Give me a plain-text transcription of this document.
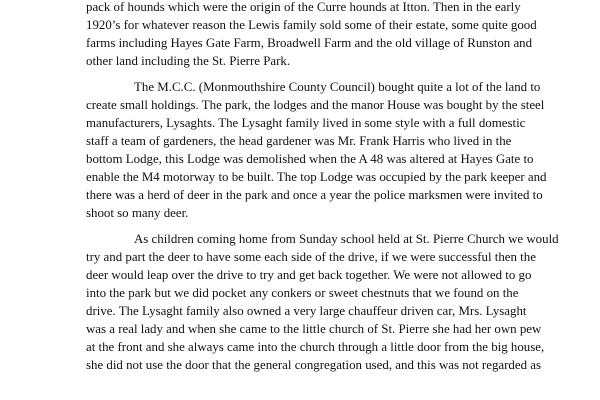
pack of hounds which were the origin of the Curre hounds at Itton. Then in the early
1920’s for whatever reason the Lewis family sold some of their estate, some quite good
farms including Hayes Gate Farm, Broadwell Farm and the old village of Runston and
other land including the St. Pierre Park.
The M.C.C. (Monmouthshire County Council) bought quite a lot of the land to
create small holdings. The park, the lodges and the manor House was bought by the steel
manufacturers, Lysaghts. The Lysaght family lived in some style with a full domestic
staff a team of gardeners, the head gardener was Mr. Frank Harris who lived in the
bottom Lodge, this Lodge was demolished when the A 48 was altered at Hayes Gate to
enable the M4 motorway to be built. The top Lodge was occupied by the park keeper and
there was a herd of deer in the park and once a year the police marksmen were invited to
shoot so many deer.
As children coming home from Sunday school held at St. Pierre Church we would
try and part the deer to have some each side of the drive, if we were successful then the
deer would leap over the drive to try and get back together. We were not allowed to go
into the park but we did pocket any conkers or sweet chestnuts that we found on the
drive. The Lysaght family also owned a very large chauffeur driven car, Mrs. Lysaght
was a real lady and when she came to the little church of St. Pierre she had her own pew
at the front and she always came into the church through a little door from the big house,
she did not use the door that the general congregation used, and this was not regarded as
